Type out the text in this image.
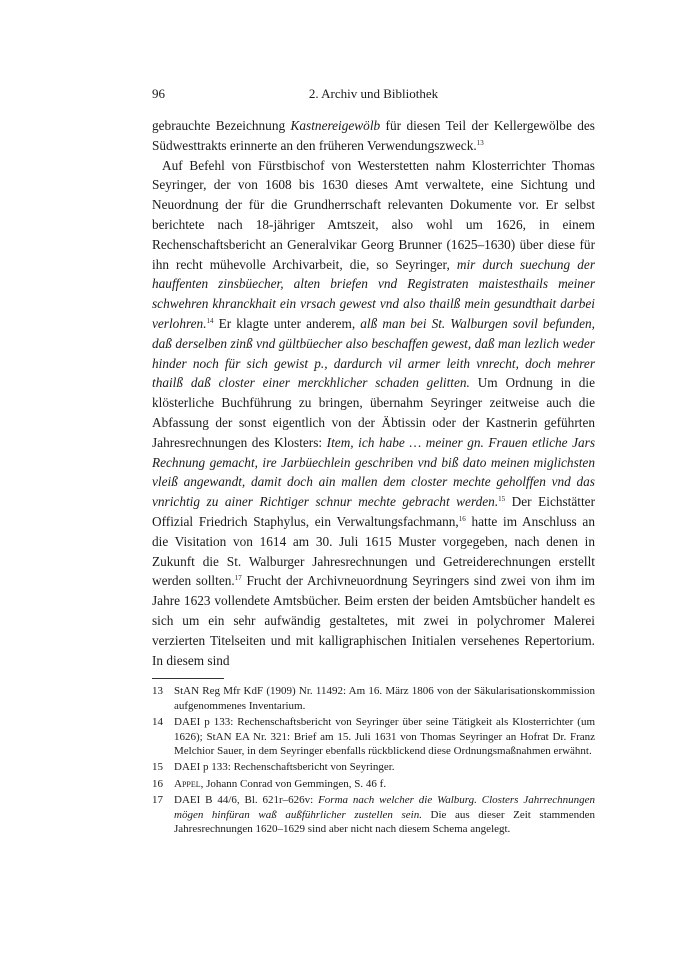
96	2. Archiv und Bibliothek

gebrauchte Bezeichnung Kastnereigewölb für diesen Teil der Kellergewölbe des Südwesttrakts erinnerte an den früheren Verwendungszweck.$^{13}$

Auf Befehl von Fürstbischof von Westerstetten nahm Klosterrichter Thomas Seyringer, der von 1608 bis 1630 dieses Amt verwaltete, eine Sichtung und Neuordnung der für die Grundherrschaft relevanten Dokumente vor. Er selbst berichtete nach 18-jähriger Amtszeit, also wohl um 1626, in einem Rechenschaftsbericht an Generalvikar Georg Brunner (1625–1630) über diese für ihn recht mühevolle Archivarbeit, die, so Seyringer, mir durch suechung der hauffenten zinsbüecher, alten briefen vnd Registraten maistesthails meiner schwehren khranckhait ein vrsach gewest vnd also thailß mein gesundthait darbei verlohren.$^{14}$ Er klagte unter anderem, alß man bei St. Walburgen sovil befunden, daß derselben zinß vnd gültbüecher also beschaffen gewest, daß man lezlich weder hinder noch für sich gewist p., dardurch vil armer leith vnrecht, doch mehrer thailß daß closter einer merckhlicher schaden gelitten. Um Ordnung in die klösterliche Buchführung zu bringen, übernahm Seyringer zeitweise auch die Abfassung der sonst eigentlich von der Äbtissin oder der Kastnerin geführten Jahresrechnungen des Klosters: Item, ich habe … meiner gn. Frauen etliche Jars Rechnung gemacht, ire Jarbüechlein geschriben vnd biß dato meinen miglichsten vleiß angewandt, damit doch ain mallen dem closter mechte geholffen vnd das vnrichtig zu ainer Richtiger schnur mechte gebracht werden.$^{15}$ Der Eichstätter Offizial Friedrich Staphylus, ein Verwaltungsfachmann,$^{16}$ hatte im Anschluss an die Visitation von 1614 am 30. Juli 1615 Muster vorgegeben, nach denen in Zukunft die St. Walburger Jahresrechnungen und Getreiderechnungen erstellt werden sollten.$^{17}$ Frucht der Archivneuordnung Seyringers sind zwei von ihm im Jahre 1623 vollendete Amtsbücher. Beim ersten der beiden Amtsbücher handelt es sich um ein sehr aufwändig gestaltetes, mit zwei in polychromer Malerei verzierten Titelseiten und mit kalligraphischen Initialen versehenes Repertorium. In diesem sind

13 StAN Reg Mfr KdF (1909) Nr. 11492: Am 16. März 1806 von der Säkularisationskommission aufgenommenes Inventarium.
14 DAEI p 133: Rechenschaftsbericht von Seyringer über seine Tätigkeit als Klosterrichter (um 1626); StAN EA Nr. 321: Brief am 15. Juli 1631 von Thomas Seyringer an Hofrat Dr. Franz Melchior Sauer, in dem Seyringer ebenfalls rückblickend diese Ordnungsmaßnahmen erwähnt.
15 DAEI p 133: Rechenschaftsbericht von Seyringer.
16 Appel, Johann Conrad von Gemmingen, S. 46 f.
17 DAEI B 44/6, Bl. 621r–626v: Forma nach welcher die Walburg. Closters Jahrrechnungen mögen hinfüran waß außführlicher zustellen sein. Die aus dieser Zeit stammenden Jahresrechnungen 1620–1629 sind aber nicht nach diesem Schema angelegt.
